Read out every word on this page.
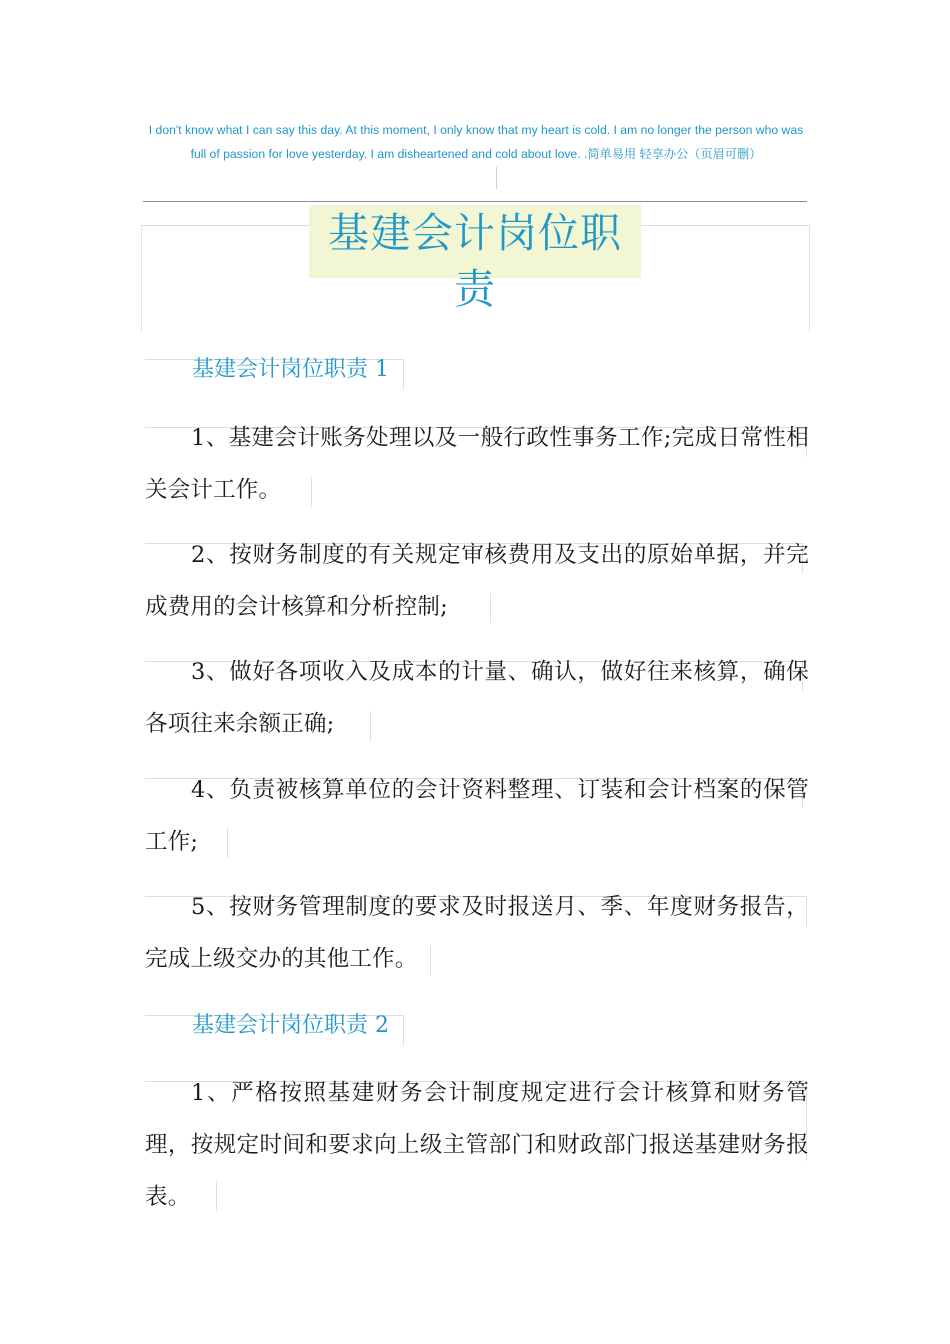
I don't know what I can say this day. At this moment, I only know that my heart is cold. I am no longer the person who was full of passion for love yesterday. I am disheartened and cold about love. .简单易用 轻享办公（页眉可删）
基建会计岗位职责
基建会计岗位职责 1
1、基建会计账务处理以及一般行政性事务工作;完成日常性相关会计工作。
2、按财务制度的有关规定审核费用及支出的原始单据，并完成费用的会计核算和分析控制;
3、做好各项收入及成本的计量、确认，做好往来核算，确保各项往来余额正确;
4、负责被核算单位的会计资料整理、订装和会计档案的保管工作;
5、按财务管理制度的要求及时报送月、季、年度财务报告，完成上级交办的其他工作。
基建会计岗位职责 2
1、严格按照基建财务会计制度规定进行会计核算和财务管理，按规定时间和要求向上级主管部门和财政部门报送基建财务报表。
